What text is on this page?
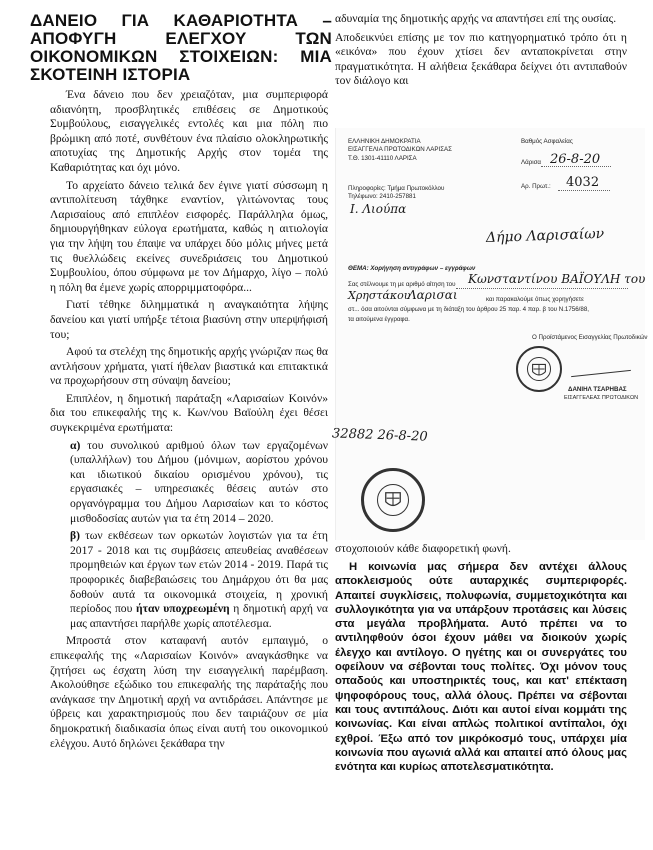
ΔΑΝΕΙΟ ΓΙΑ ΚΑΘΑΡΙΟΤΗΤΑ – ΑΠΟΦΥΓΗ ΕΛΕΓΧΟΥ ΤΩΝ ΟΙΚΟΝΟΜΙΚΩΝ ΣΤΟΙΧΕΙΩΝ: ΜΙΑ ΣΚΟΤΕΙΝΗ ΙΣΤΟΡΙΑ

Ένα δάνειο που δεν χρειαζόταν, μια συμπεριφορά αδιανόητη, προσβλητικές επιθέσεις σε Δημοτικούς Συμβούλους, εισαγγελικές εντολές και μια πόλη πιο βρώμικη από ποτέ, συνθέτουν ένα πλαίσιο ολοκληρωτικής αποτυχίας της Δημοτικής Αρχής στον τομέα της Καθαριότητας και όχι μόνο.

Το αρχείατο δάνειο τελικά δεν έγινε γιατί σύσσωμη η αντιπολίτευση τάχθηκε εναντίον, γλιτώνοντας τους Λαρισαίους από επιπλέον εισφορές. Παράλληλα όμως, δημιουργήθηκαν εύλογα ερωτήματα, καθώς η αιτιολογία για την λήψη του έπαψε να υπάρχει δύο μόλις μήνες μετά τις θυελλώδεις εκείνες συνεδριάσεις του Δημοτικού Συμβουλίου, όπου σύμφωνα με τον Δήμαρχο, λίγο – πολύ η πόλη θα έμενε χωρίς απορριμματοφόρα...

Γιατί τέθηκε διλημματικά η αναγκαιότητα λήψης δανείου και γιατί υπήρξε τέτοια βιασύνη στην υπερψήφισή του;

Αφού τα στελέχη της δημοτικής αρχής γνώριζαν πως θα αντλήσουν χρήματα, γιατί ήθελαν βιαστικά και επιτακτικά να προχωρήσουν στη σύναψη δανείου;

Επιπλέον, η δημοτική παράταξη «Λαρισαίων Κοινόν» δια του επικεφαλής της κ. Κων/νου Βαϊούλη έχει θέσει συγκεκριμένα ερωτήματα:

α) του συνολικού αριθμού όλων των εργαζομένων (υπαλλήλων) του Δήμου (μόνιμων, αορίστου χρόνου και ιδιωτικού δικαίου ορισμένου χρόνου), τις εργασιακές – υπηρεσιακές θέσεις αυτών στο οργανόγραμμα του Δήμου Λαρισαίων και το κόστος μισθοδοσίας αυτών για τα έτη 2014 – 2020.

β) των εκθέσεων των ορκωτών λογιστών για τα έτη 2017 - 2018 και τις συμβάσεις απευθείας αναθέσεων προμηθειών και έργων των ετών 2014 - 2019. Παρά τις προφορικές διαβεβαιώσεις του Δημάρχου ότι θα μας δοθούν αυτά τα οικονομικά στοιχεία, η χρονική περίοδος που ήταν υποχρεωμένη η δημοτική αρχή να μας απαντήσει παρήλθε χωρίς αποτέλεσμα.

Μπροστά στον καταφανή αυτόν εμπαιγμό, ο επικεφαλής της «Λαρισαίων Κοινόν» αναγκάσθηκε να ζητήσει ως έσχατη λύση την εισαγγελική παρέμβαση. Ακολούθησε εξώδικο του επικεφαλής της παράταξής που ανάγκασε την Δημοτική αρχή να αντιδράσει. Απάντησε με ύβρεις και χαρακτηρισμούς που δεν ταιριάζουν σε μία δημοκρατική διαδικασία όπως είναι αυτή του οικονομικού ελέγχου. Αυτό δηλώνει ξεκάθαρα την

αδυναμία της δημοτικής αρχής να απαντήσει επί της ουσίας.

Αποδεικνύει επίσης με τον πιο κατηγορηματικό τρόπο ότι η «εικόνα» που έχουν χτίσει δεν ανταποκρίνεται στην πραγματικότητα. Η αλήθεια ξεκάθαρα δείχνει ότι αντιπαθούν τον διάλογο και

ΕΛΛΗΝΙΚΗ ΔΗΜΟΚΡΑΤΙΑ
ΕΙΣΑΓΓΕΛΙΑ ΠΡΩΤΟΔΙΚΩΝ ΛΑΡΙΣΑΣ
Τ.Θ. 1301-41110 ΛΑΡΙΣΑ
Βαθμός Ασφαλείας
Λάρισα 26-8-20
Αρ. Πρωτ.: 4032
Πληροφορίες: Τμήμα Πρωτοκόλλου
Τηλέφωνο: 2410-257881
Ι. Λιούπα
Δήμο Λαρισαίων
ΘΕΜΑ: Χορήγηση αντιγράφων – εγγράφων
Σας στέλνουμε τη με αριθμό αίτηση του Κωνσταντίνου ΒΑΪΟΥΛΗ του
Χρηστάκου
Λαρισαι	και παρακαλούμε όπως χορηγήσετε
στ... όσα αιτούνται σύμφωνα με τη διάταξη του άρθρου 25 παρ. 4 παρ. β του Ν.1756/88,
τα αιτούμενα έγγραφα.
Ο Προϊστάμενος Εισαγγελίας Πρωτοδικών
ΔΑΝΙΗΛ ΤΣΑΡΗΒΑΣ
ΕΙΣΑΓΓΕΛΕΑΣ ΠΡΩΤΟΔΙΚΩΝ
32882 26-8-20
στοχοποιούν κάθε διαφορετική φωνή.
Η κοινωνία μας σήμερα δεν αντέχει άλλους αποκλεισμούς ούτε αυταρχικές συμπεριφορές. Απαιτεί συγκλίσεις, πολυφωνία, συμμετοχικότητα και συλλογικότητα για να υπάρξουν προτάσεις και λύσεις στα μεγάλα προβλήματα. Αυτό πρέπει να το αντιληφθούν όσοι έχουν μάθει να διοικούν χωρίς έλεγχο και αντίλογο. Ο ηγέτης και οι συνεργάτες του οφείλουν να σέβονται τους πολίτες. Όχι μόνον τους οπαδούς και υποστηρικτές τους, και κατ' επέκταση ψηφοφόρους τους, αλλά όλους. Πρέπει να σέβονται και τους αντιπάλους. Διότι και αυτοί είναι κομμάτι της κοινωνίας. Και είναι απλώς πολιτικοί αντίπαλοι, όχι εχθροί. Έξω από τον μικρόκοσμό τους, υπάρχει μία κοινωνία που αγωνιά αλλά και απαιτεί από όλους μας ενότητα και κυρίως αποτελεσματικότητα.
